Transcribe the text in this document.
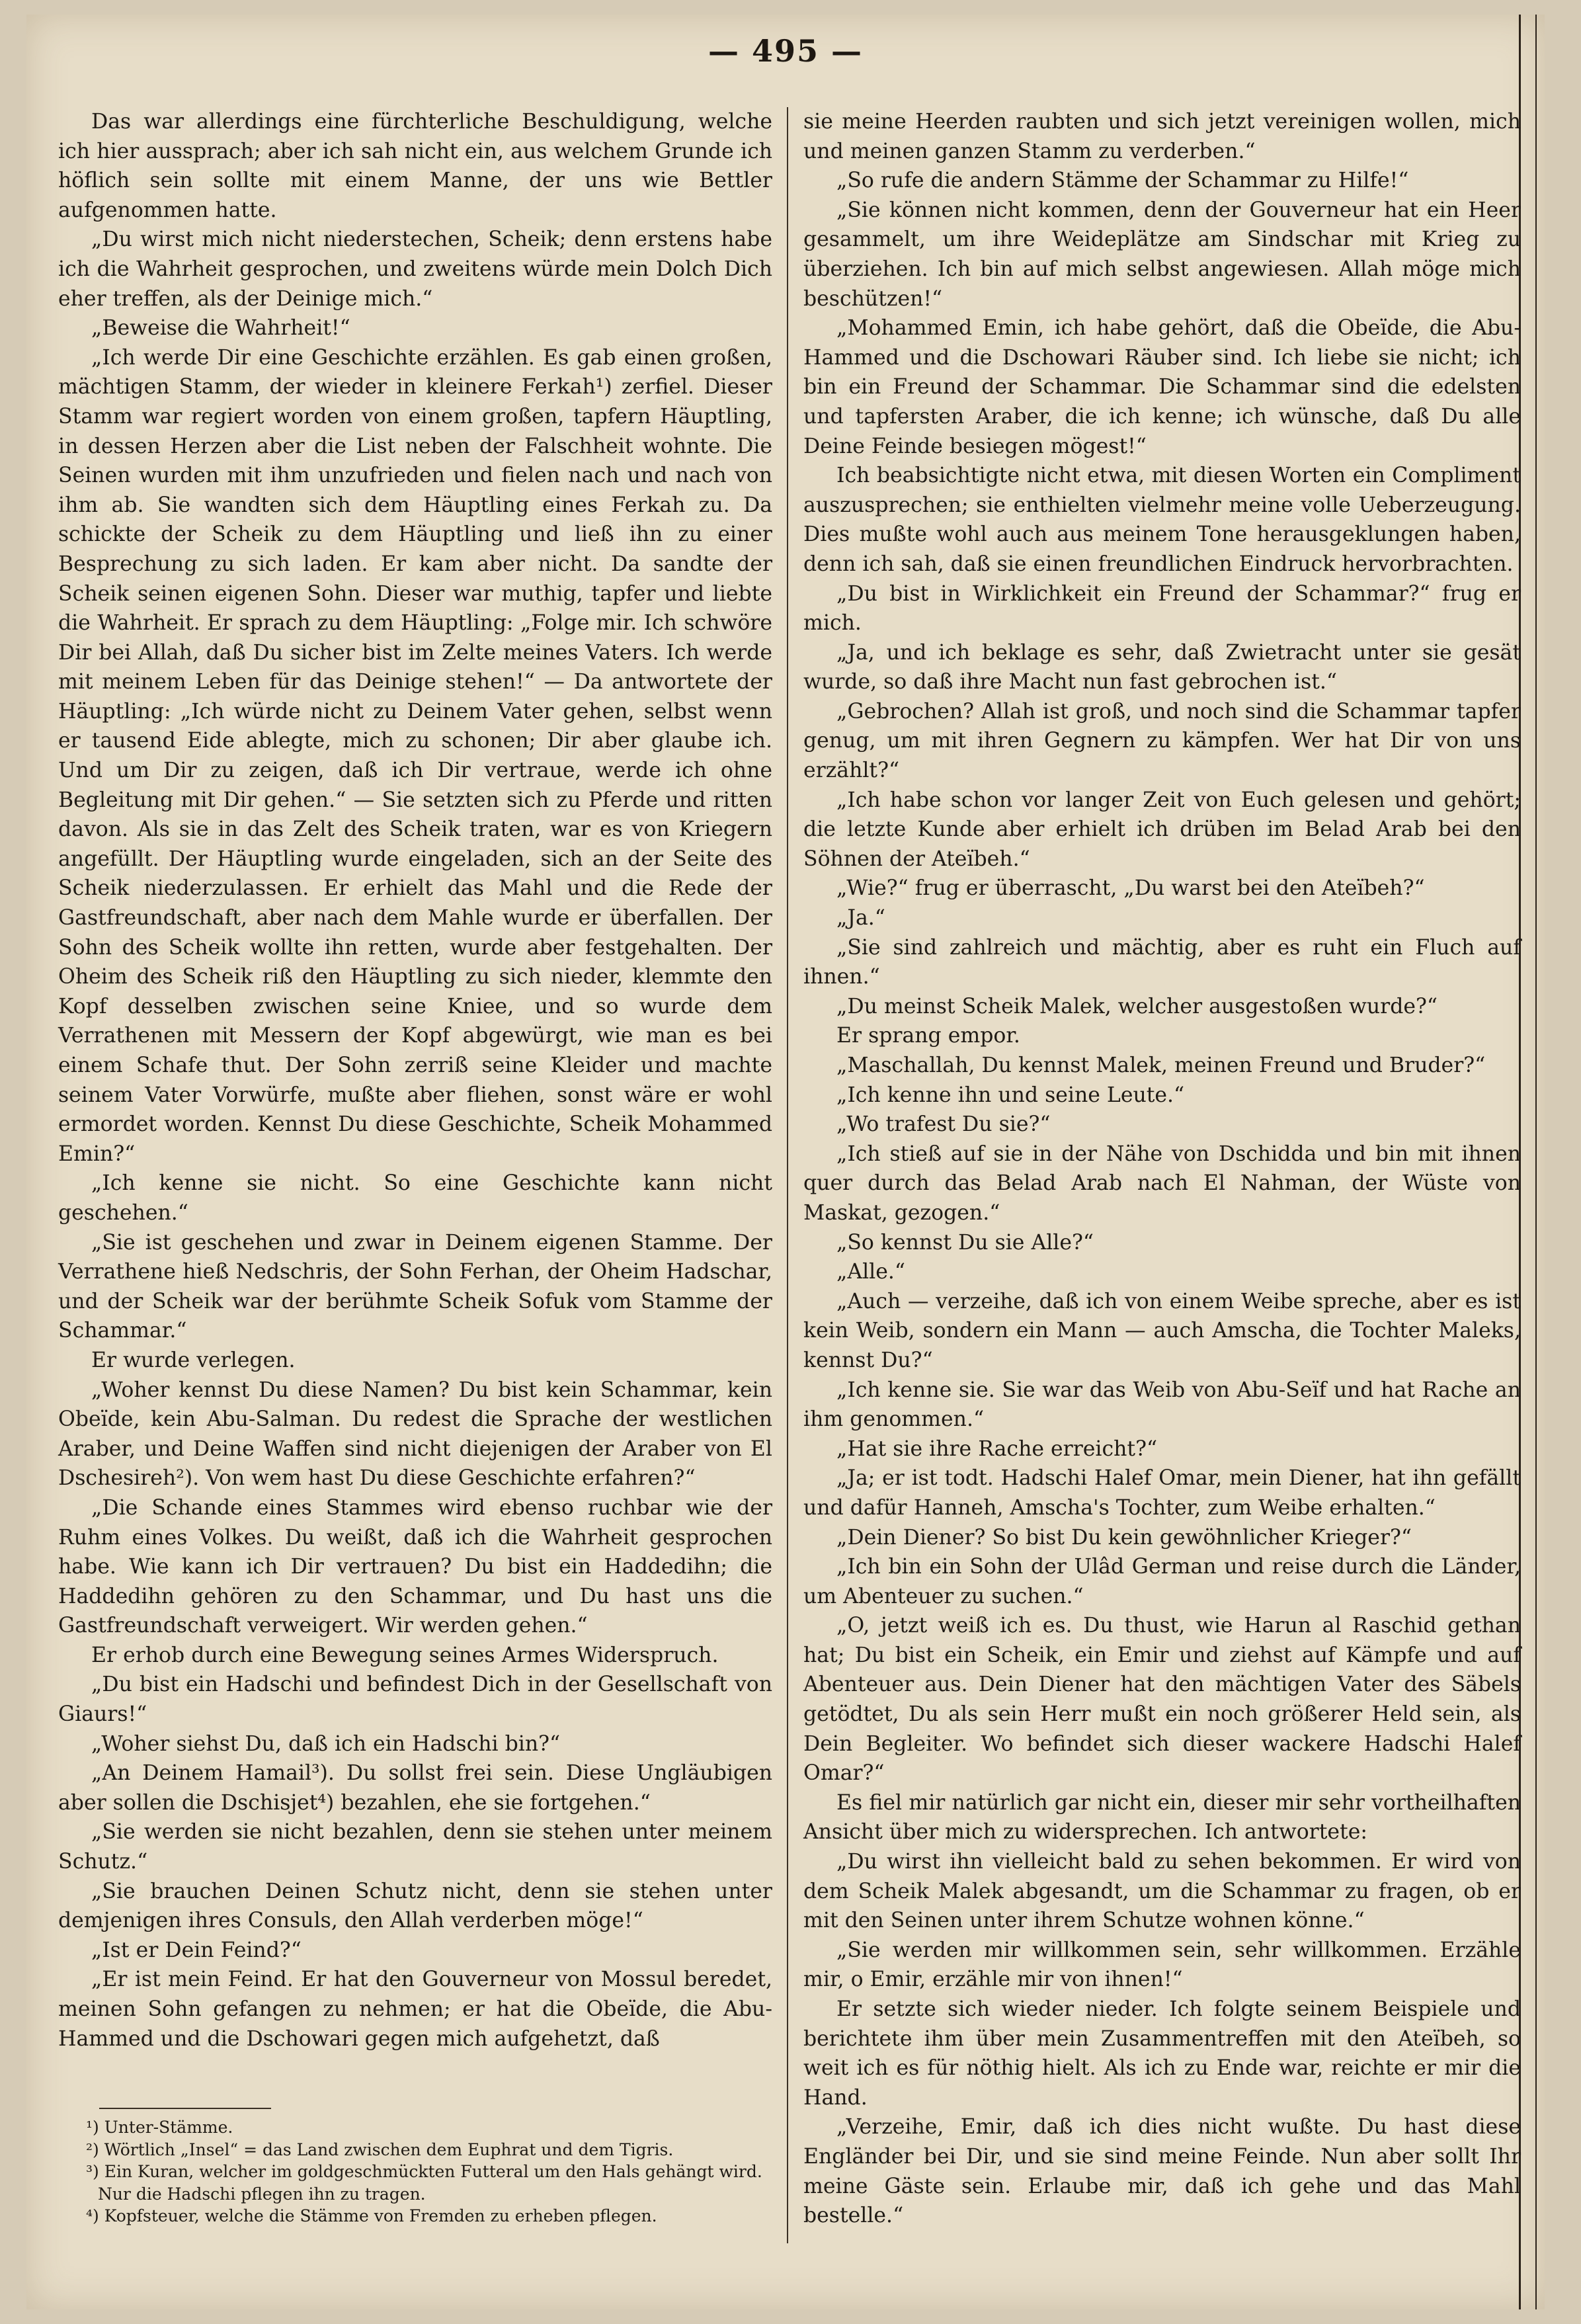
— 495 —

Das war allerdings eine fürchterliche Beschuldigung, welche ich hier aussprach; aber ich sah nicht ein, aus welchem Grunde ich höflich sein sollte mit einem Manne, der uns wie Bettler aufgenommen hatte.

„Du wirst mich nicht niederstechen, Scheik; denn erstens habe ich die Wahrheit gesprochen, und zweitens würde mein Dolch Dich eher treffen, als der Deinige mich.“

„Beweise die Wahrheit!“

„Ich werde Dir eine Geschichte erzählen. Es gab einen großen, mächtigen Stamm, der wieder in kleinere Ferkah¹) zerfiel. Dieser Stamm war regiert worden von einem großen, tapfern Häuptling, in dessen Herzen aber die List neben der Falschheit wohnte. Die Seinen wurden mit ihm unzufrieden und fielen nach und nach von ihm ab. Sie wandten sich dem Häuptling eines Ferkah zu. Da schickte der Scheik zu dem Häuptling und ließ ihn zu einer Besprechung zu sich laden. Er kam aber nicht. Da sandte der Scheik seinen eigenen Sohn. Dieser war muthig, tapfer und liebte die Wahrheit. Er sprach zu dem Häuptling: „Folge mir. Ich schwöre Dir bei Allah, daß Du sicher bist im Zelte meines Vaters. Ich werde mit meinem Leben für das Deinige stehen!“ — Da antwortete der Häuptling: „Ich würde nicht zu Deinem Vater gehen, selbst wenn er tausend Eide ablegte, mich zu schonen; Dir aber glaube ich. Und um Dir zu zeigen, daß ich Dir vertraue, werde ich ohne Begleitung mit Dir gehen.“ — Sie setzten sich zu Pferde und ritten davon. Als sie in das Zelt des Scheik traten, war es von Kriegern angefüllt. Der Häuptling wurde eingeladen, sich an der Seite des Scheik niederzulassen. Er erhielt das Mahl und die Rede der Gastfreundschaft, aber nach dem Mahle wurde er überfallen. Der Sohn des Scheik wollte ihn retten, wurde aber festgehalten. Der Oheim des Scheik riß den Häuptling zu sich nieder, klemmte den Kopf desselben zwischen seine Kniee, und so wurde dem Verrathenen mit Messern der Kopf abgewürgt, wie man es bei einem Schafe thut. Der Sohn zerriß seine Kleider und machte seinem Vater Vorwürfe, mußte aber fliehen, sonst wäre er wohl ermordet worden. Kennst Du diese Geschichte, Scheik Mohammed Emin?“

„Ich kenne sie nicht. So eine Geschichte kann nicht geschehen.“

„Sie ist geschehen und zwar in Deinem eigenen Stamme. Der Verrathene hieß Nedschris, der Sohn Ferhan, der Oheim Hadschar, und der Scheik war der berühmte Scheik Sofuk vom Stamme der Schammar.“

Er wurde verlegen.

„Woher kennst Du diese Namen? Du bist kein Schammar, kein Obeïde, kein Abu-Salman. Du redest die Sprache der westlichen Araber, und Deine Waffen sind nicht diejenigen der Araber von El Dschesireh²). Von wem hast Du diese Geschichte erfahren?“

„Die Schande eines Stammes wird ebenso ruchbar wie der Ruhm eines Volkes. Du weißt, daß ich die Wahrheit gesprochen habe. Wie kann ich Dir vertrauen? Du bist ein Haddedihn; die Haddedihn gehören zu den Schammar, und Du hast uns die Gastfreundschaft verweigert. Wir werden gehen.“

Er erhob durch eine Bewegung seines Armes Widerspruch.

„Du bist ein Hadschi und befindest Dich in der Gesellschaft von Giaurs!“

„Woher siehst Du, daß ich ein Hadschi bin?“

„An Deinem Hamail³). Du sollst frei sein. Diese Ungläubigen aber sollen die Dschisjet⁴) bezahlen, ehe sie fortgehen.“

„Sie werden sie nicht bezahlen, denn sie stehen unter meinem Schutz.“

„Sie brauchen Deinen Schutz nicht, denn sie stehen unter demjenigen ihres Consuls, den Allah verderben möge!“

„Ist er Dein Feind?“

„Er ist mein Feind. Er hat den Gouverneur von Mossul beredet, meinen Sohn gefangen zu nehmen; er hat die Obeïde, die Abu-Hammed und die Dschowari gegen mich aufgehetzt, daß

sie meine Heerden raubten und sich jetzt vereinigen wollen, mich und meinen ganzen Stamm zu verderben.“

„So rufe die andern Stämme der Schammar zu Hilfe!“

„Sie können nicht kommen, denn der Gouverneur hat ein Heer gesammelt, um ihre Weideplätze am Sindschar mit Krieg zu überziehen. Ich bin auf mich selbst angewiesen. Allah möge mich beschützen!“

„Mohammed Emin, ich habe gehört, daß die Obeïde, die Abu-Hammed und die Dschowari Räuber sind. Ich liebe sie nicht; ich bin ein Freund der Schammar. Die Schammar sind die edelsten und tapfersten Araber, die ich kenne; ich wünsche, daß Du alle Deine Feinde besiegen mögest!“

Ich beabsichtigte nicht etwa, mit diesen Worten ein Compliment auszusprechen; sie enthielten vielmehr meine volle Ueberzeugung. Dies mußte wohl auch aus meinem Tone herausgeklungen haben, denn ich sah, daß sie einen freundlichen Eindruck hervorbrachten.

„Du bist in Wirklichkeit ein Freund der Schammar?“ frug er mich.

„Ja, und ich beklage es sehr, daß Zwietracht unter sie gesät wurde, so daß ihre Macht nun fast gebrochen ist.“

„Gebrochen? Allah ist groß, und noch sind die Schammar tapfer genug, um mit ihren Gegnern zu kämpfen. Wer hat Dir von uns erzählt?“

„Ich habe schon vor langer Zeit von Euch gelesen und gehört; die letzte Kunde aber erhielt ich drüben im Belad Arab bei den Söhnen der Ateïbeh.“

„Wie?“ frug er überrascht, „Du warst bei den Ateïbeh?“

„Ja.“

„Sie sind zahlreich und mächtig, aber es ruht ein Fluch auf ihnen.“

„Du meinst Scheik Malek, welcher ausgestoßen wurde?“

Er sprang empor.

„Maschallah, Du kennst Malek, meinen Freund und Bruder?“

„Ich kenne ihn und seine Leute.“

„Wo trafest Du sie?“

„Ich stieß auf sie in der Nähe von Dschidda und bin mit ihnen quer durch das Belad Arab nach El Nahman, der Wüste von Maskat, gezogen.“

„So kennst Du sie Alle?“

„Alle.“

„Auch — verzeihe, daß ich von einem Weibe spreche, aber es ist kein Weib, sondern ein Mann — auch Amscha, die Tochter Maleks, kennst Du?“

„Ich kenne sie. Sie war das Weib von Abu-Seïf und hat Rache an ihm genommen.“

„Hat sie ihre Rache erreicht?“

„Ja; er ist todt. Hadschi Halef Omar, mein Diener, hat ihn gefällt und dafür Hanneh, Amscha's Tochter, zum Weibe erhalten.“

„Dein Diener? So bist Du kein gewöhnlicher Krieger?“

„Ich bin ein Sohn der Ulâd German und reise durch die Länder, um Abenteuer zu suchen.“

„O, jetzt weiß ich es. Du thust, wie Harun al Raschid gethan hat; Du bist ein Scheik, ein Emir und ziehst auf Kämpfe und auf Abenteuer aus. Dein Diener hat den mächtigen Vater des Säbels getödtet, Du als sein Herr mußt ein noch größerer Held sein, als Dein Begleiter. Wo befindet sich dieser wackere Hadschi Halef Omar?“

Es fiel mir natürlich gar nicht ein, dieser mir sehr vortheilhaften Ansicht über mich zu widersprechen. Ich antwortete:

„Du wirst ihn vielleicht bald zu sehen bekommen. Er wird von dem Scheik Malek abgesandt, um die Schammar zu fragen, ob er mit den Seinen unter ihrem Schutze wohnen könne.“

„Sie werden mir willkommen sein, sehr willkommen. Erzähle mir, o Emir, erzähle mir von ihnen!“

Er setzte sich wieder nieder. Ich folgte seinem Beispiele und berichtete ihm über mein Zusammentreffen mit den Ateïbeh, so weit ich es für nöthig hielt. Als ich zu Ende war, reichte er mir die Hand.

„Verzeihe, Emir, daß ich dies nicht wußte. Du hast diese Engländer bei Dir, und sie sind meine Feinde. Nun aber sollt Ihr meine Gäste sein. Erlaube mir, daß ich gehe und das Mahl bestelle.“

¹) Unter-Stämme.
²) Wörtlich „Insel“ = das Land zwischen dem Euphrat und dem Tigris.
³) Ein Kuran, welcher im goldgeschmückten Futteral um den Hals gehängt wird. Nur die Hadschi pflegen ihn zu tragen.
⁴) Kopfsteuer, welche die Stämme von Fremden zu erheben pflegen.
